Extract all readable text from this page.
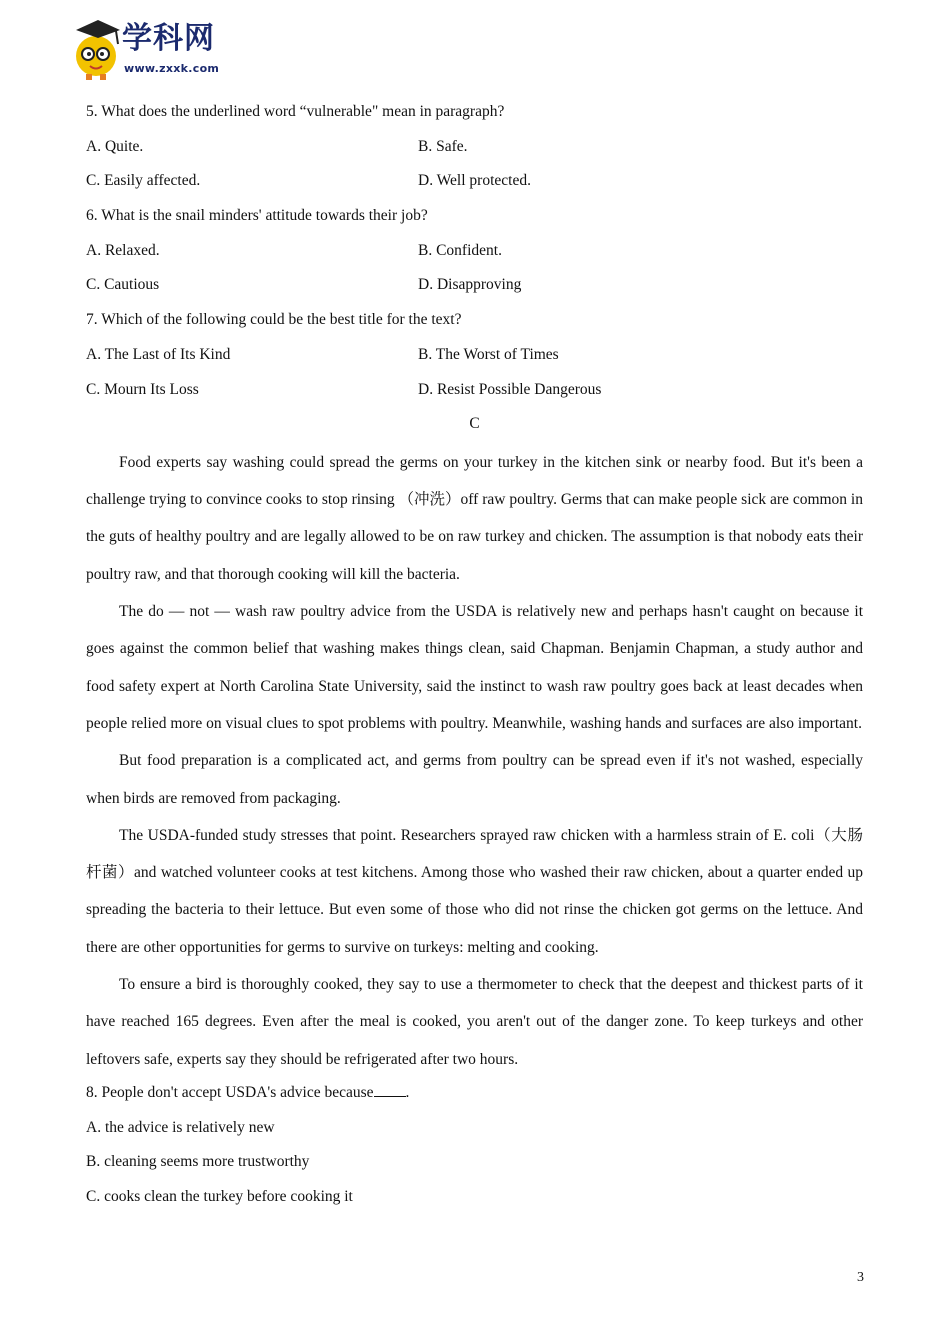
学科网
www.zxxk.com
5. What does the underlined word “vulnerable" mean in paragraph?
A. Quite.	B. Safe.
C. Easily affected.	D. Well protected.
6. What is the snail minders' attitude towards their job?
A. Relaxed.	B. Confident.
C. Cautious	D. Disapproving
7. Which of the following could be the best title for the text?
A. The Last of Its Kind	B. The Worst of Times
C. Mourn Its Loss	D. Resist Possible Dangerous
C

Food experts say washing could spread the germs on your turkey in the kitchen sink or nearby food. But it's been a challenge trying to convince cooks to stop rinsing （冲洗）off raw poultry. Germs that can make people sick are common in the guts of healthy poultry and are legally allowed to be on raw turkey and chicken. The assumption is that nobody eats their poultry raw, and that thorough cooking will kill the bacteria.

The do — not — wash raw poultry advice from the USDA is relatively new and perhaps hasn't caught on because it goes against the common belief that washing makes things clean, said Chapman. Benjamin Chapman, a study author and food safety expert at North Carolina State University, said the instinct to wash raw poultry goes back at least decades when people relied more on visual clues to spot problems with poultry. Meanwhile, washing hands and surfaces are also important.

But food preparation is a complicated act, and germs from poultry can be spread even if it's not washed, especially when birds are removed from packaging.

The USDA-funded study stresses that point. Researchers sprayed raw chicken with a harmless strain of E. coli（大肠杆菌）and watched volunteer cooks at test kitchens. Among those who washed their raw chicken, about a quarter ended up spreading the bacteria to their lettuce. But even some of those who did not rinse the chicken got germs on the lettuce. And there are other opportunities for germs to survive on turkeys: melting and cooking.

To ensure a bird is thoroughly cooked, they say to use a thermometer to check that the deepest and thickest parts of it have reached 165 degrees. Even after the meal is cooked, you aren't out of the danger zone. To keep turkeys and other leftovers safe, experts say they should be refrigerated after two hours.

8. People don't accept USDA's advice because .
A. the advice is relatively new
B. cleaning seems more trustworthy
C. cooks clean the turkey before cooking it
3
